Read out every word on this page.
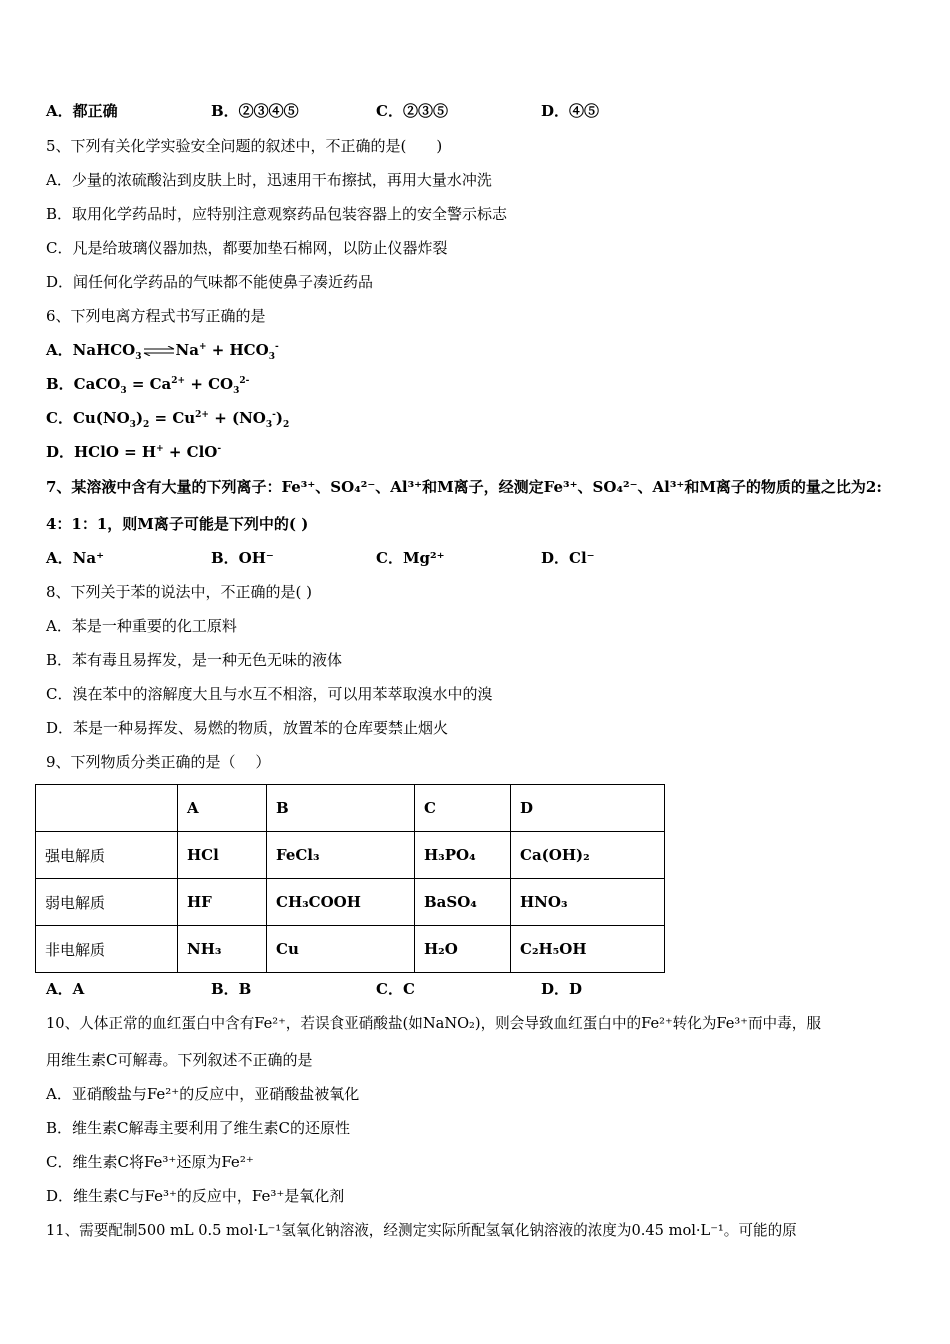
A．都正确	B．②③④⑤	C．②③⑤	D．④⑤
5、下列有关化学实验安全问题的叙述中，不正确的是(　　)
A．少量的浓硫酸沾到皮肤上时，迅速用干布擦拭，再用大量水冲洗
B．取用化学药品时，应特别注意观察药品包装容器上的安全警示标志
C．凡是给玻璃仪器加热，都要加垫石棉网，以防止仪器炸裂
D．闻任何化学药品的气味都不能使鼻子凑近药品
6、下列电离方程式书写正确的是
A．NaHCO$_3$ ⇌Na+ + $HCO_3^-$
B．CaCO$_3$ = $Ca^{2+} + CO_3^{2-}$
C．$Cu(NO_3)_2 = Cu^{2+} + (NO_3^-)_2$
D．HClO = H+ + ClO-
7、某溶液中含有大量的下列离子：Fe³⁺、SO₄²⁻、Al³⁺和M离子，经测定Fe³⁺、SO₄²⁻、Al³⁺和M离子的物质的量之比为2:
4：1：1，则M离子可能是下列中的( )
A．Na⁺	B．OH⁻	C．Mg²⁺	D．Cl⁻
8、下列关于苯的说法中，不正确的是( )
A．苯是一种重要的化工原料
B．苯有毒且易挥发，是一种无色无味的液体
C．溴在苯中的溶解度大且与水互不相溶，可以用苯萃取溴水中的溴
D．苯是一种易挥发、易燃的物质，放置苯的仓库要禁止烟火
9、下列物质分类正确的是（　 ）
	A	B	C	D
强电解质	HCl	FeCl₃	H₃PO₄	Ca(OH)₂
弱电解质	HF	CH₃COOH	BaSO₄	HNO₃
非电解质	NH₃	Cu	H₂O	C₂H₅OH
A．A	B．B	C．C	D．D
10、人体正常的血红蛋白中含有Fe²⁺，若误食亚硝酸盐(如NaNO₂)，则会导致血红蛋白中的Fe²⁺转化为Fe³⁺而中毒，服
用维生素C可解毒。下列叙述不正确的是
A．亚硝酸盐与Fe²⁺的反应中，亚硝酸盐被氧化
B．维生素C解毒主要利用了维生素C的还原性
C．维生素C将Fe³⁺还原为Fe²⁺
D．维生素C与Fe³⁺的反应中，Fe³⁺是氧化剂
11、需要配制500 mL 0.5 mol·L⁻¹氢氧化钠溶液，经测定实际所配氢氧化钠溶液的浓度为0.45 mol·L⁻¹。可能的原
